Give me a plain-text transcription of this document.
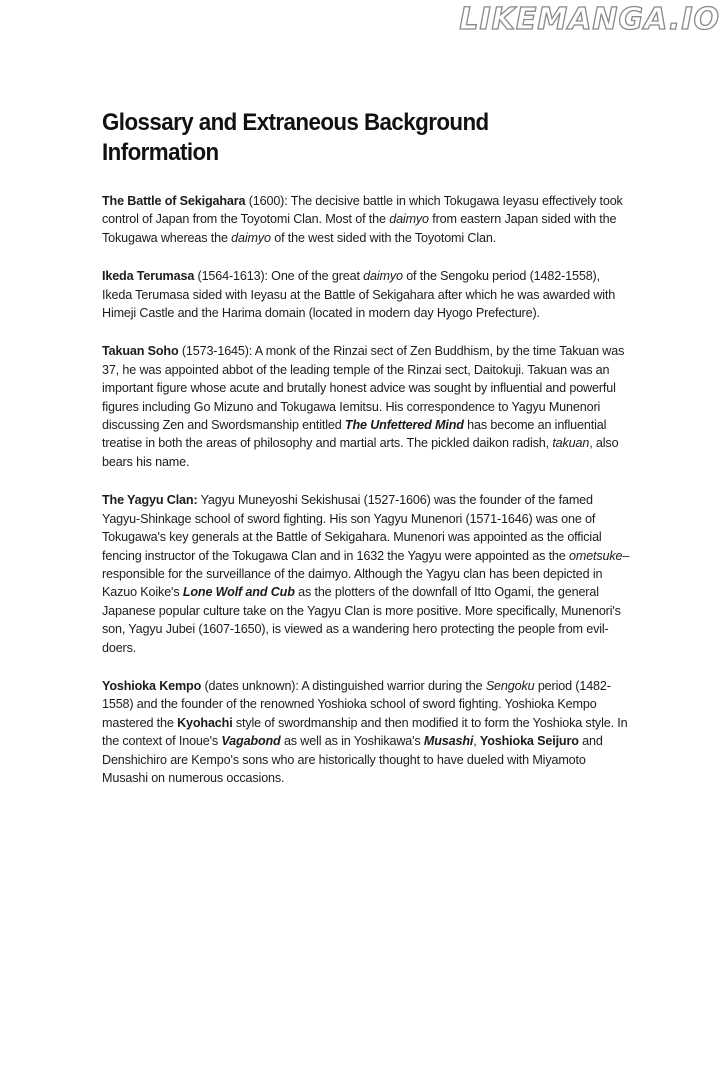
LIKEMANGA.IO
Glossary and Extraneous Background Information

The Battle of Sekigahara (1600): The decisive battle in which Tokugawa Ieyasu effectively took control of Japan from the Toyotomi Clan. Most of the daimyo from eastern Japan sided with the Tokugawa whereas the daimyo of the west sided with the Toyotomi Clan.

Ikeda Terumasa (1564-1613): One of the great daimyo of the Sengoku period (1482-1558), Ikeda Terumasa sided with Ieyasu at the Battle of Sekigahara after which he was awarded with Himeji Castle and the Harima domain (located in modern day Hyogo Prefecture).

Takuan Soho (1573-1645): A monk of the Rinzai sect of Zen Buddhism, by the time Takuan was 37, he was appointed abbot of the leading temple of the Rinzai sect, Daitokuji. Takuan was an important figure whose acute and brutally honest advice was sought by influential and powerful figures including Go Mizuno and Tokugawa Iemitsu. His correspondence to Yagyu Munenori discussing Zen and Swordsmanship entitled The Unfettered Mind has become an influential treatise in both the areas of philosophy and martial arts. The pickled daikon radish, takuan, also bears his name.

The Yagyu Clan: Yagyu Muneyoshi Sekishusai (1527-1606) was the founder of the famed Yagyu-Shinkage school of sword fighting. His son Yagyu Munenori (1571-1646) was one of Tokugawa's key generals at the Battle of Sekigahara. Munenori was appointed as the official fencing instructor of the Tokugawa Clan and in 1632 the Yagyu were appointed as the ometsuke–responsible for the surveillance of the daimyo. Although the Yagyu clan has been depicted in Kazuo Koike's Lone Wolf and Cub as the plotters of the downfall of Itto Ogami, the general Japanese popular culture take on the Yagyu Clan is more positive. More specifically, Munenori's son, Yagyu Jubei (1607-1650), is viewed as a wandering hero protecting the people from evil-doers.

Yoshioka Kempo (dates unknown): A distinguished warrior during the Sengoku period (1482-1558) and the founder of the renowned Yoshioka school of sword fighting. Yoshioka Kempo mastered the Kyohachi style of swordmanship and then modified it to form the Yoshioka style. In the context of Inoue's Vagabond as well as in Yoshikawa's Musashi, Yoshioka Seijuro and Denshichiro are Kempo's sons who are historically thought to have dueled with Miyamoto Musashi on numerous occasions.
